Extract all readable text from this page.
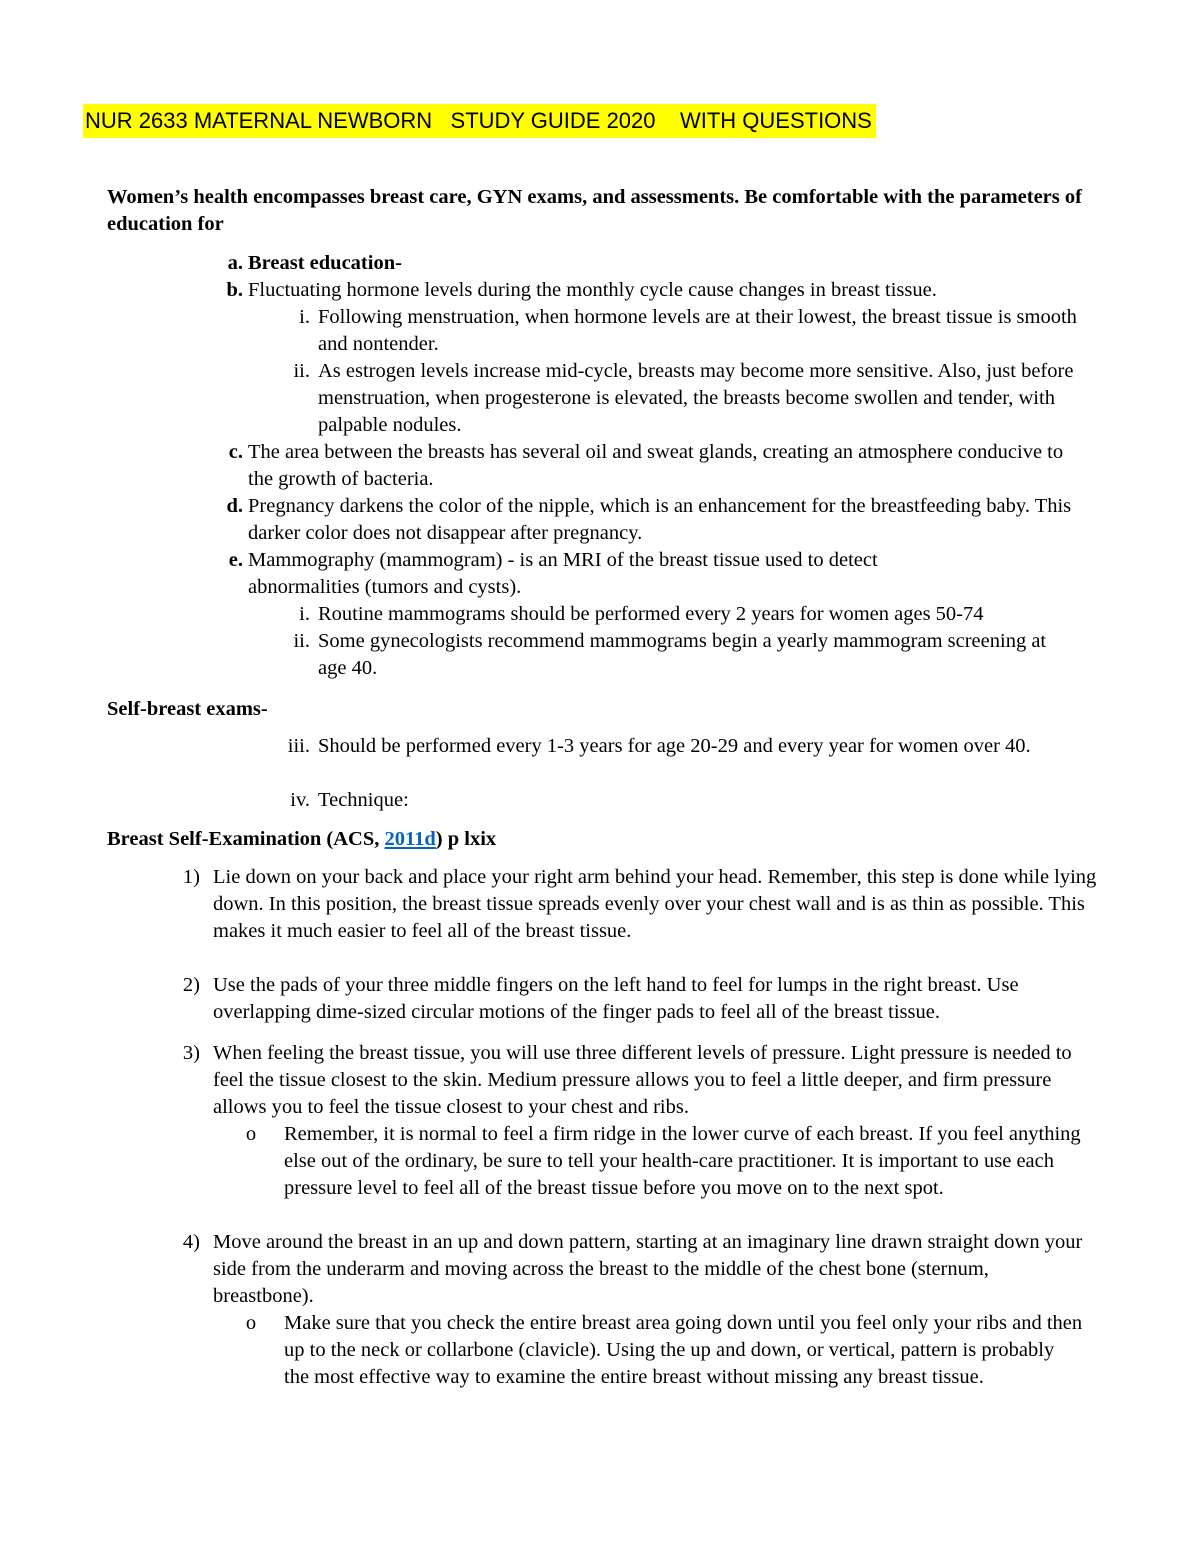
NUR 2633 MATERNAL NEWBORN   STUDY GUIDE 2020    WITH QUESTIONS

Women’s health encompasses breast care, GYN exams, and assessments. Be comfortable with the parameters of education for

a. Breast education-
b. Fluctuating hormone levels during the monthly cycle cause changes in breast tissue.
i. Following menstruation, when hormone levels are at their lowest, the breast tissue is smooth and nontender.
ii. As estrogen levels increase mid-cycle, breasts may become more sensitive. Also, just before menstruation, when progesterone is elevated, the breasts become swollen and tender, with palpable nodules.
c. The area between the breasts has several oil and sweat glands, creating an atmosphere conducive to the growth of bacteria.
d. Pregnancy darkens the color of the nipple, which is an enhancement for the breastfeeding baby. This darker color does not disappear after pregnancy.
e. Mammography (mammogram) - is an MRI of the breast tissue used to detect abnormalities (tumors and cysts).
i. Routine mammograms should be performed every 2 years for women ages 50-74
ii. Some gynecologists recommend mammograms begin a yearly mammogram screening at age 40.
Self-breast exams-
iii. Should be performed every 1-3 years for age 20-29 and every year for women over 40.
iv. Technique:
Breast Self-Examination (ACS, 2011d) p lxix
1) Lie down on your back and place your right arm behind your head. Remember, this step is done while lying down. In this position, the breast tissue spreads evenly over your chest wall and is as thin as possible. This makes it much easier to feel all of the breast tissue.
2) Use the pads of your three middle fingers on the left hand to feel for lumps in the right breast. Use overlapping dime-sized circular motions of the finger pads to feel all of the breast tissue.
3) When feeling the breast tissue, you will use three different levels of pressure. Light pressure is needed to feel the tissue closest to the skin. Medium pressure allows you to feel a little deeper, and firm pressure allows you to feel the tissue closest to your chest and ribs.
o Remember, it is normal to feel a firm ridge in the lower curve of each breast. If you feel anything else out of the ordinary, be sure to tell your health-care practitioner. It is important to use each pressure level to feel all of the breast tissue before you move on to the next spot.
4) Move around the breast in an up and down pattern, starting at an imaginary line drawn straight down your side from the underarm and moving across the breast to the middle of the chest bone (sternum, breastbone).
o Make sure that you check the entire breast area going down until you feel only your ribs and then up to the neck or collarbone (clavicle). Using the up and down, or vertical, pattern is probably the most effective way to examine the entire breast without missing any breast tissue.
